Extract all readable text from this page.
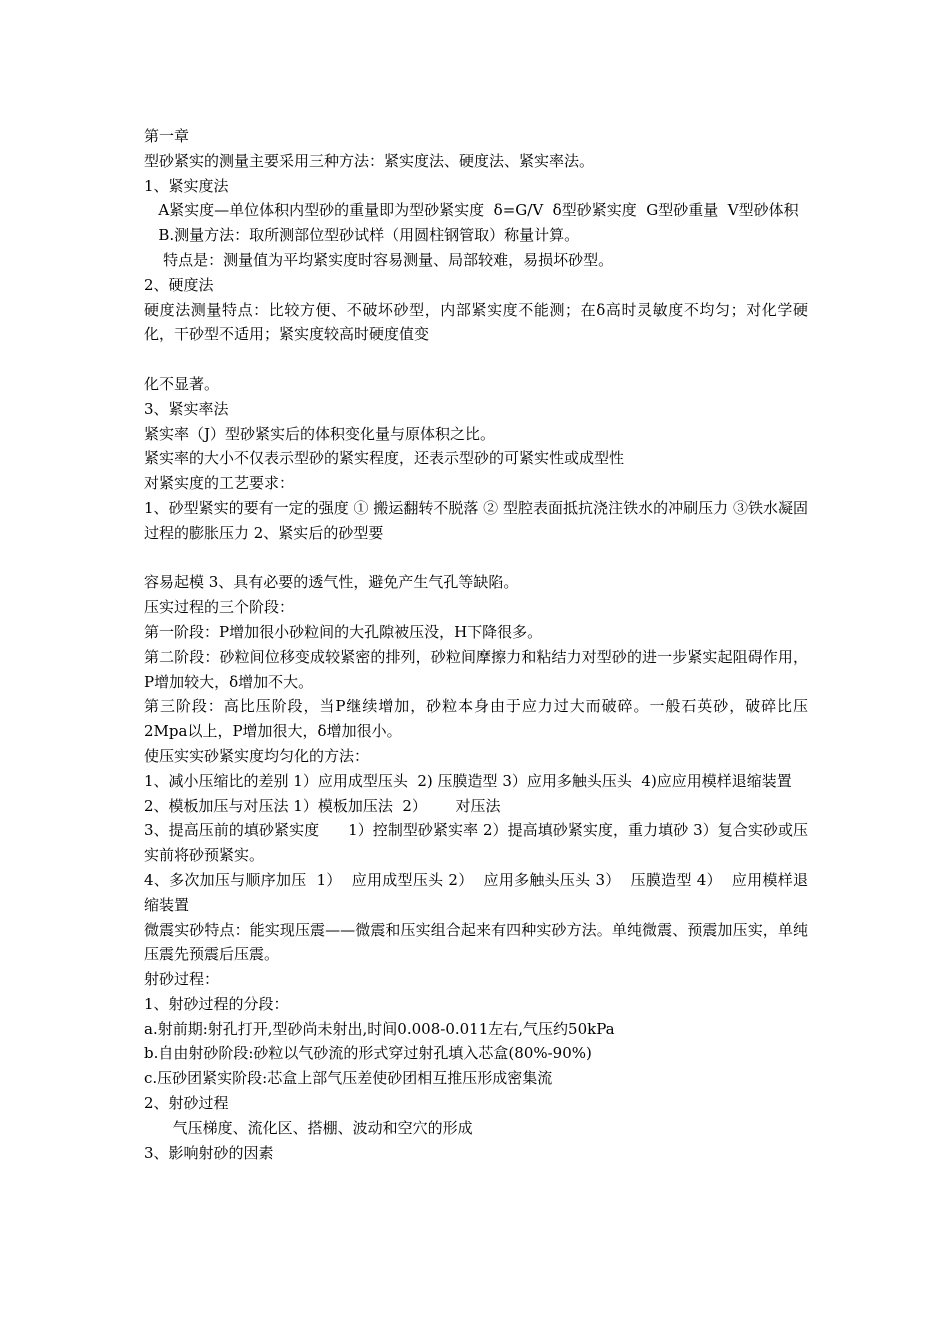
第一章

型砂紧实的测量主要采用三种方法：紧实度法、硬度法、紧实率法。

1、紧实度法

A紧实度—单位体积内型砂的重量即为型砂紧实度  δ=G/V  δ型砂紧实度  G型砂重量  V型砂体积

B.测量方法：取所测部位型砂试样（用圆柱钢管取）称量计算。

特点是：测量值为平均紧实度时容易测量、局部较难，易损坏砂型。

2、硬度法

硬度法测量特点：比较方便、不破坏砂型，内部紧实度不能测；在δ高时灵敏度不均匀；对化学硬化，干砂型不适用；紧实度较高时硬度值变

化不显著。

3、紧实率法

紧实率（J）型砂紧实后的体积变化量与原体积之比。

紧实率的大小不仅表示型砂的紧实程度，还表示型砂的可紧实性或成型性

对紧实度的工艺要求：

1、砂型紧实的要有一定的强度 ① 搬运翻转不脱落 ② 型腔表面抵抗浇注铁水的冲刷压力 ③铁水凝固过程的膨胀压力 2、紧实后的砂型要

容易起模 3、具有必要的透气性，避免产生气孔等缺陷。

压实过程的三个阶段：

第一阶段：P增加很小砂粒间的大孔隙被压没，H下降很多。

第二阶段：砂粒间位移变成较紧密的排列，砂粒间摩擦力和粘结力对型砂的进一步紧实起阻碍作用，P增加较大，δ增加不大。

第三阶段：高比压阶段，当P继续增加，砂粒本身由于应力过大而破碎。一般石英砂，破碎比压2Mpa以上，P增加很大，δ增加很小。

使压实实砂紧实度均匀化的方法：

1、减小压缩比的差别 1）应用成型压头  2) 压膜造型 3）应用多触头压头  4)应应用模样退缩装置

2、模板加压与对压法 1）模板加压法  2）      对压法

3、提高压前的填砂紧实度      1）控制型砂紧实率 2）提高填砂紧实度，重力填砂 3）复合实砂或压实前将砂预紧实。

4、多次加压与顺序加压  1）  应用成型压头 2）  应用多触头压头 3）  压膜造型 4）  应用模样退缩装置

微震实砂特点：能实现压震——微震和压实组合起来有四种实砂方法。单纯微震、预震加压实，单纯压震先预震后压震。

射砂过程：

1、射砂过程的分段：

a.射前期:射孔打开,型砂尚未射出,时间0.008-0.011左右,气压约50kPa

b.自由射砂阶段:砂粒以气砂流的形式穿过射孔填入芯盒(80%-90%)

c.压砂团紧实阶段:芯盒上部气压差使砂团相互推压形成密集流

2、射砂过程

气压梯度、流化区、搭棚、波动和空穴的形成

3、影响射砂的因素
